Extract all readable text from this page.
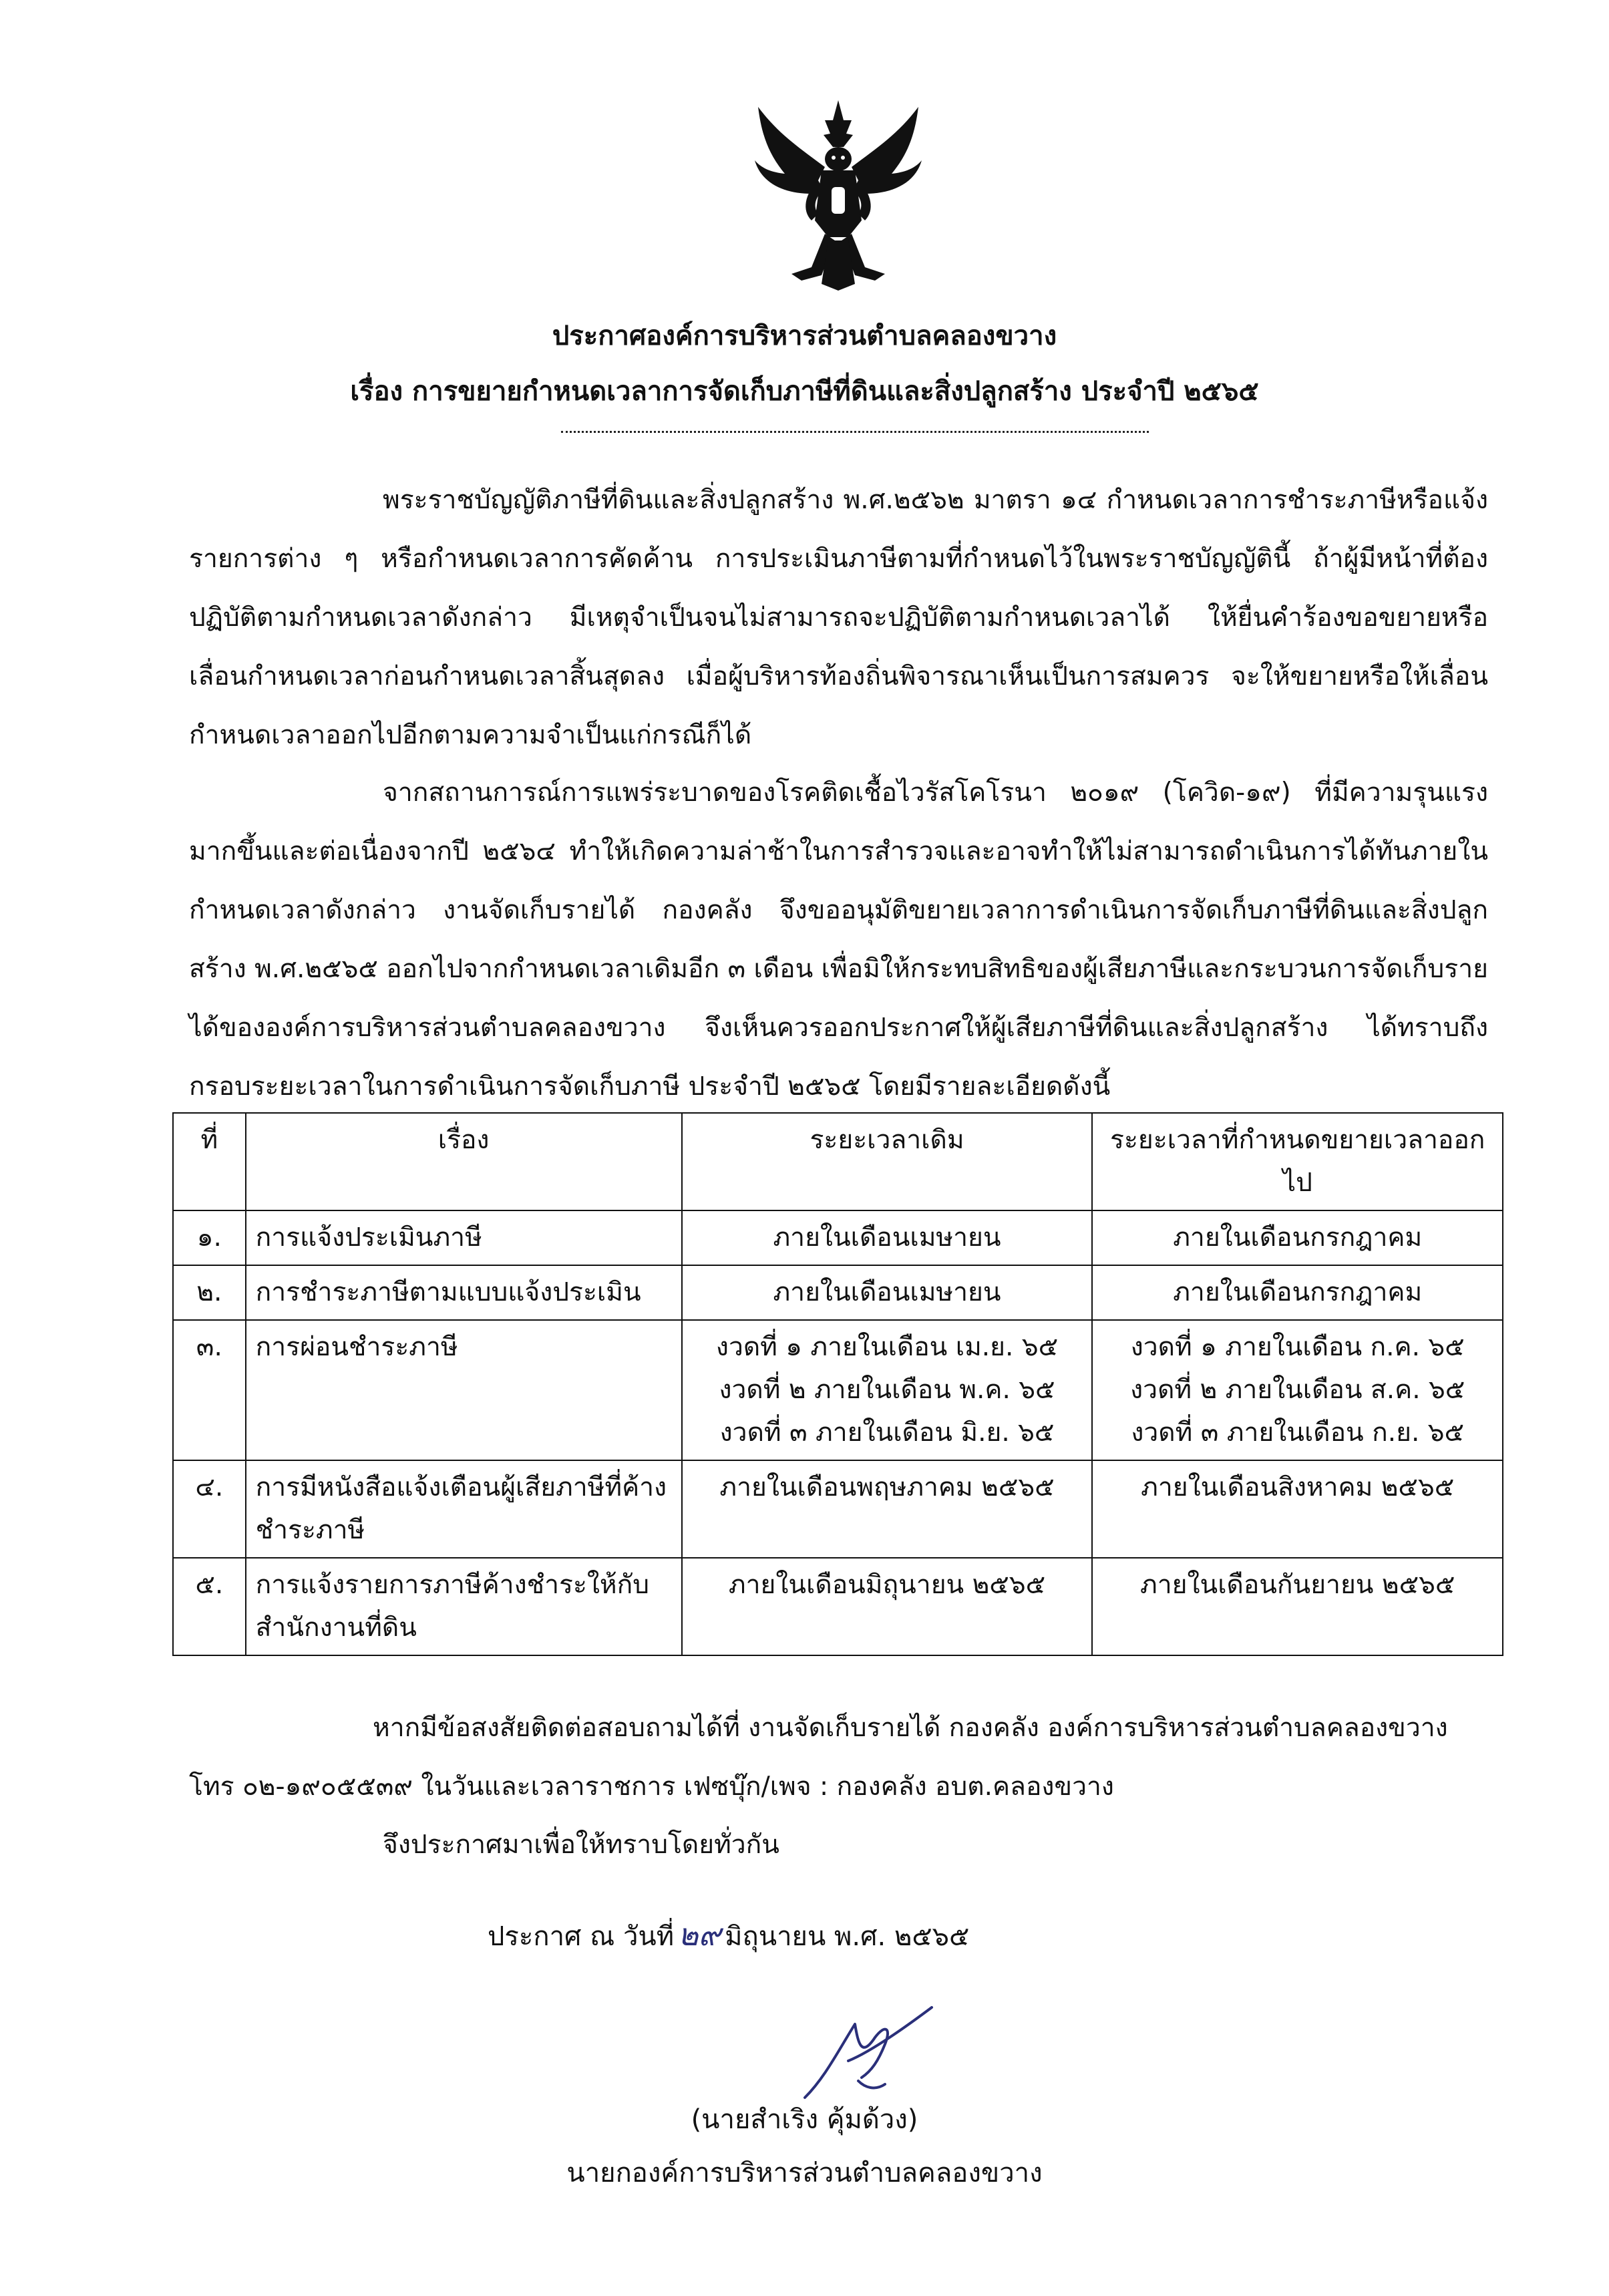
ประกาศองค์การบริหารส่วนตำบลคลองขวาง
เรื่อง การขยายกำหนดเวลาการจัดเก็บภาษีที่ดินและสิ่งปลูกสร้าง ประจำปี ๒๕๖๕
พระราชบัญญัติภาษีที่ดินและสิ่งปลูกสร้าง พ.ศ.๒๕๖๒ มาตรา ๑๔ กำหนดเวลาการชำระภาษีหรือแจ้งรายการต่าง ๆ หรือกำหนดเวลาการคัดค้าน การประเมินภาษีตามที่กำหนดไว้ในพระราชบัญญัตินี้ ถ้าผู้มีหน้าที่ต้องปฏิบัติตามกำหนดเวลาดังกล่าว มีเหตุจำเป็นจนไม่สามารถจะปฏิบัติตามกำหนดเวลาได้ ให้ยื่นคำร้องขอขยายหรือเลื่อนกำหนดเวลาก่อนกำหนดเวลาสิ้นสุดลง เมื่อผู้บริหารท้องถิ่นพิจารณาเห็นเป็นการสมควร จะให้ขยายหรือให้เลื่อนกำหนดเวลาออกไปอีกตามความจำเป็นแก่กรณีก็ได้
จากสถานการณ์การแพร่ระบาดของโรคติดเชื้อไวรัสโคโรนา ๒๐๑๙ (โควิด-๑๙) ที่มีความรุนแรงมากขึ้นและต่อเนื่องจากปี ๒๕๖๔ ทำให้เกิดความล่าช้าในการสำรวจและอาจทำให้ไม่สามารถดำเนินการได้ทันภายในกำหนดเวลาดังกล่าว งานจัดเก็บรายได้ กองคลัง จึงขออนุมัติขยายเวลาการดำเนินการจัดเก็บภาษีที่ดินและสิ่งปลูกสร้าง พ.ศ.๒๕๖๕ ออกไปจากกำหนดเวลาเดิมอีก ๓ เดือน เพื่อมิให้กระทบสิทธิของผู้เสียภาษีและกระบวนการจัดเก็บรายได้ขององค์การบริหารส่วนตำบลคลองขวาง จึงเห็นควรออกประกาศให้ผู้เสียภาษีที่ดินและสิ่งปลูกสร้าง ได้ทราบถึงกรอบระยะเวลาในการดำเนินการจัดเก็บภาษี ประจำปี ๒๕๖๕ โดยมีรายละเอียดดังนี้
ที่	เรื่อง	ระยะเวลาเดิม	ระยะเวลาที่กำหนดขยายเวลาออกไป
๑.	การแจ้งประเมินภาษี	ภายในเดือนเมษายน	ภายในเดือนกรกฎาคม

๒.	การชำระภาษีตามแบบแจ้งประเมิน	ภายในเดือนเมษายน	ภายในเดือนกรกฎาคม

๓.	การผ่อนชำระภาษี	งวดที่ ๑ ภายในเดือน เม.ย. ๖๕
งวดที่ ๒ ภายในเดือน พ.ค. ๖๕
งวดที่ ๓ ภายในเดือน มิ.ย. ๖๕	งวดที่ ๑ ภายในเดือน ก.ค. ๖๕
งวดที่ ๒ ภายในเดือน ส.ค. ๖๕
งวดที่ ๓ ภายในเดือน ก.ย. ๖๕

๔.	การมีหนังสือแจ้งเตือนผู้เสียภาษีที่ค้างชำระภาษี	ภายในเดือนพฤษภาคม ๒๕๖๕	ภายในเดือนสิงหาคม ๒๕๖๕

๕.	การแจ้งรายการภาษีค้างชำระให้กับสำนักงานที่ดิน	ภายในเดือนมิถุนายน ๒๕๖๕	ภายในเดือนกันยายน ๒๕๖๕
หากมีข้อสงสัยติดต่อสอบถามได้ที่ งานจัดเก็บรายได้ กองคลัง องค์การบริหารส่วนตำบลคลองขวาง
โทร ๐๒-๑๙๐๕๕๓๙ ในวันและเวลาราชการ เฟซบุ๊ก/เพจ : กองคลัง อบต.คลองขวาง
จึงประกาศมาเพื่อให้ทราบโดยทั่วกัน
ประกาศ ณ วันที่ ๒๙ มิถุนายน พ.ศ. ๒๕๖๕
(นายสำเริง คุ้มด้วง)
นายกองค์การบริหารส่วนตำบลคลองขวาง
